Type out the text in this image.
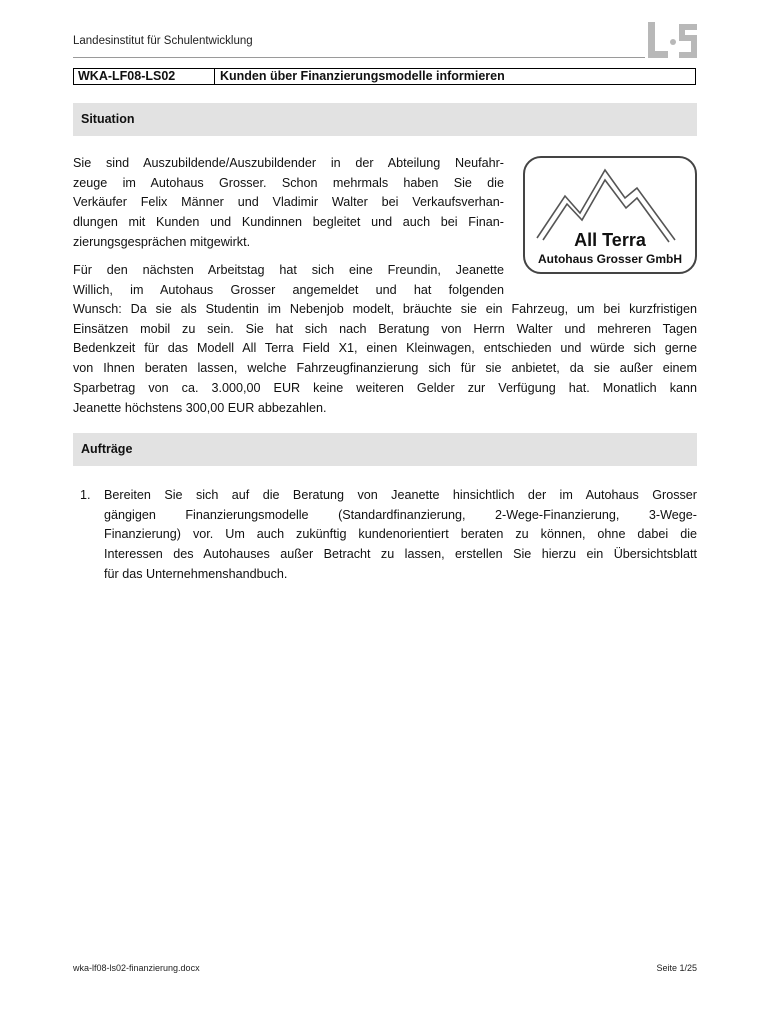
Landesinstitut für Schulentwicklung
WKA-LF08-LS02	Kunden über Finanzierungsmodelle informieren
Situation
Sie sind Auszubildende/Auszubildender in der Abteilung Neufahr-
zeuge im Autohaus Grosser. Schon mehrmals haben Sie die
Verkäufer Felix Männer und Vladimir Walter bei Verkaufsverhan-
dlungen mit Kunden und Kundinnen begleitet und auch bei Finan-
zierungsgesprächen mitgewirkt.
Für den nächsten Arbeitstag hat sich eine Freundin, Jeanette
Willich, im Autohaus Grosser angemeldet und hat folgenden
Wunsch: Da sie als Studentin im Nebenjob modelt, bräuchte sie ein Fahrzeug, um bei kurzfristigen
Einsätzen mobil zu sein. Sie hat sich nach Beratung von Herrn Walter und mehreren Tagen
Bedenkzeit für das Modell All Terra Field X1, einen Kleinwagen, entschieden und würde sich gerne
von Ihnen beraten lassen, welche Fahrzeugfinanzierung sich für sie anbietet, da sie außer einem
Sparbetrag von ca. 3.000,00 EUR keine weiteren Gelder zur Verfügung hat. Monatlich kann
Jeanette höchstens 300,00 EUR abbezahlen.
All Terra
Autohaus Grosser GmbH
Aufträge
1. Bereiten Sie sich auf die Beratung von Jeanette hinsichtlich der im Autohaus Grosser
gängigen Finanzierungsmodelle (Standardfinanzierung, 2-Wege-Finanzierung, 3-Wege-
Finanzierung) vor. Um auch zukünftig kundenorientiert beraten zu können, ohne dabei die
Interessen des Autohauses außer Betracht zu lassen, erstellen Sie hierzu ein Übersichtsblatt
für das Unternehmenshandbuch.
wka-lf08-ls02-finanzierung.docx	Seite 1/25
